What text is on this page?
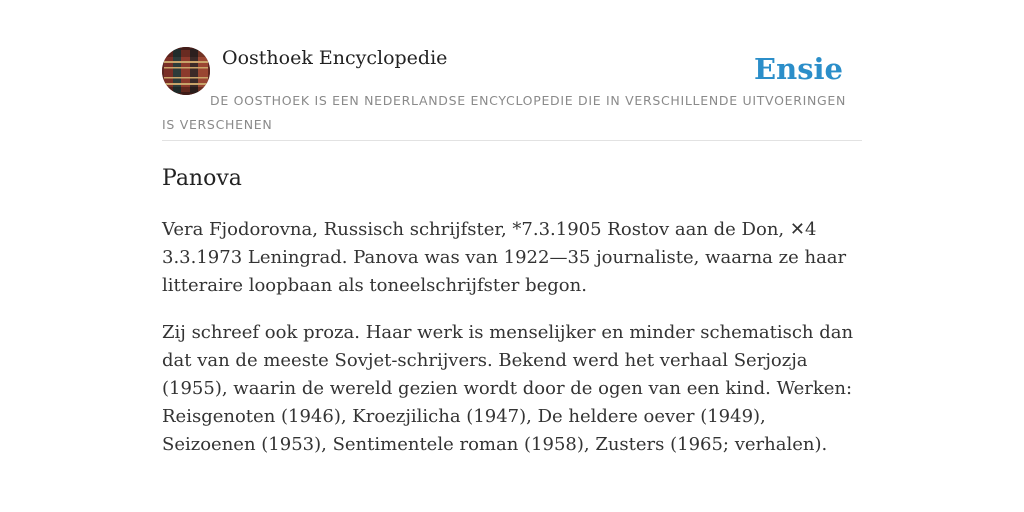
Oosthoek Encyclopedie	Ensie
DE OOSTHOEK IS EEN NEDERLANDSE ENCYCLOPEDIE DIE IN VERSCHILLENDE UITVOERINGEN IS VERSCHENEN
Panova

Vera Fjodorovna, Russisch schrijfster, *7.3.1905 Rostov aan de Don, ✕4 3.3.1973 Leningrad. Panova was van 1922—35 journaliste, waarna ze haar litteraire loopbaan als toneelschrijfster begon.

Zij schreef ook proza. Haar werk is menselijker en minder schematisch dan dat van de meeste Sovjet-schrijvers. Bekend werd het verhaal Serjozja (1955), waarin de wereld gezien wordt door de ogen van een kind. Werken: Reisgenoten (1946), Kroezjilicha (1947), De heldere oever (1949), Seizoenen (1953), Sentimentele roman (1958), Zusters (1965; verhalen).
